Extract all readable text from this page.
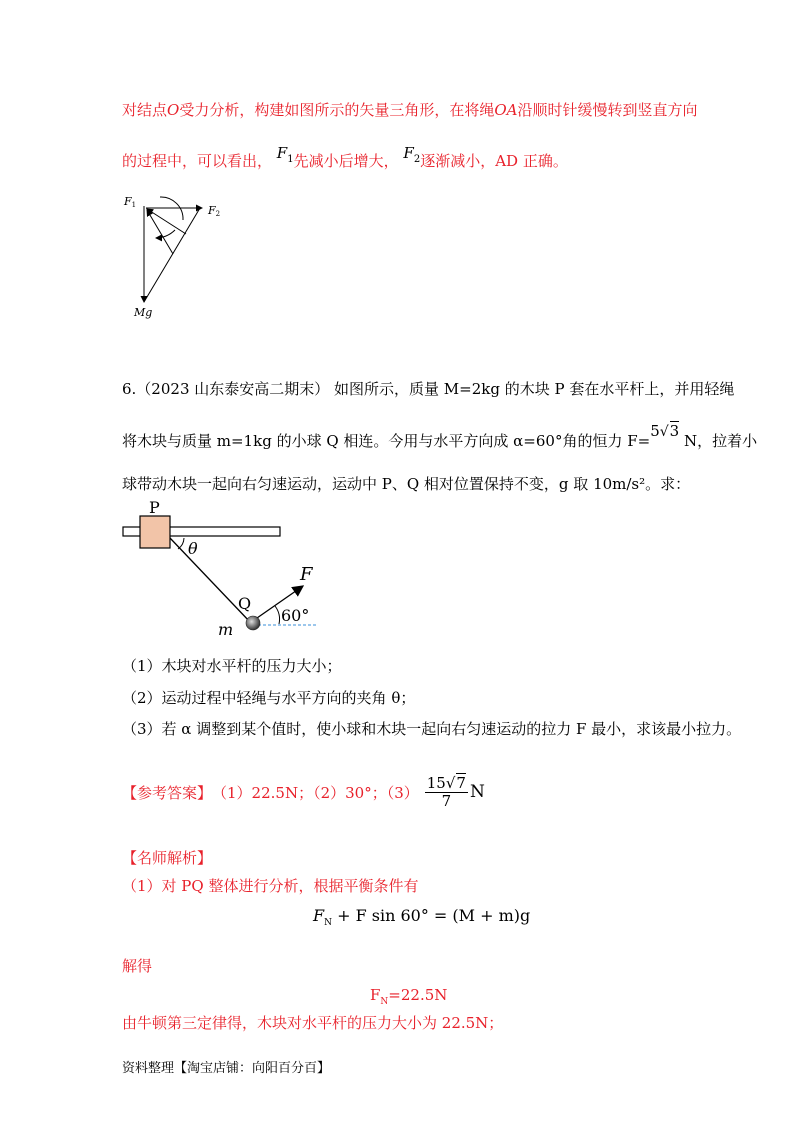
对结点O受力分析，构建如图所示的矢量三角形，在将绳OA沿顺时针缓慢转到竖直方向
的过程中，可以看出， $F_1$先减小后增大， $F_2$逐渐减小，AD 正确。
F1	F2
Mg
6.（2023 山东泰安高二期末） 如图所示，质量 M=2kg 的木块 P 套在水平杆上，并用轻绳
将木块与质量 m=1kg 的小球 Q 相连。今用与水平方向成 α=60°角的恒力 F=5√3 N，拉着小
球带动木块一起向右匀速运动，运动中 P、Q 相对位置保持不变，g 取 10m/s²。求：
P
θ
F
Q
m
60°
（1）木块对水平杆的压力大小；
（2）运动过程中轻绳与水平方向的夹角 θ；
（3）若 α 调整到某个值时，使小球和木块一起向右匀速运动的拉力 F 最小，求该最小拉力。
【参考答案】 （1）22.5N；（2）30°；$(3) \frac{15√7}{7}$ N
【名师解析】
（1）对 PQ 整体进行分析，根据平衡条件有
$F_N + F$ sin 60° = (M + m)g
解得
$F_N=22.5N$
由牛顿第三定律得，木块对水平杆的压力大小为 22.5N；
资料整理【淘宝店铺：向阳百分百】
